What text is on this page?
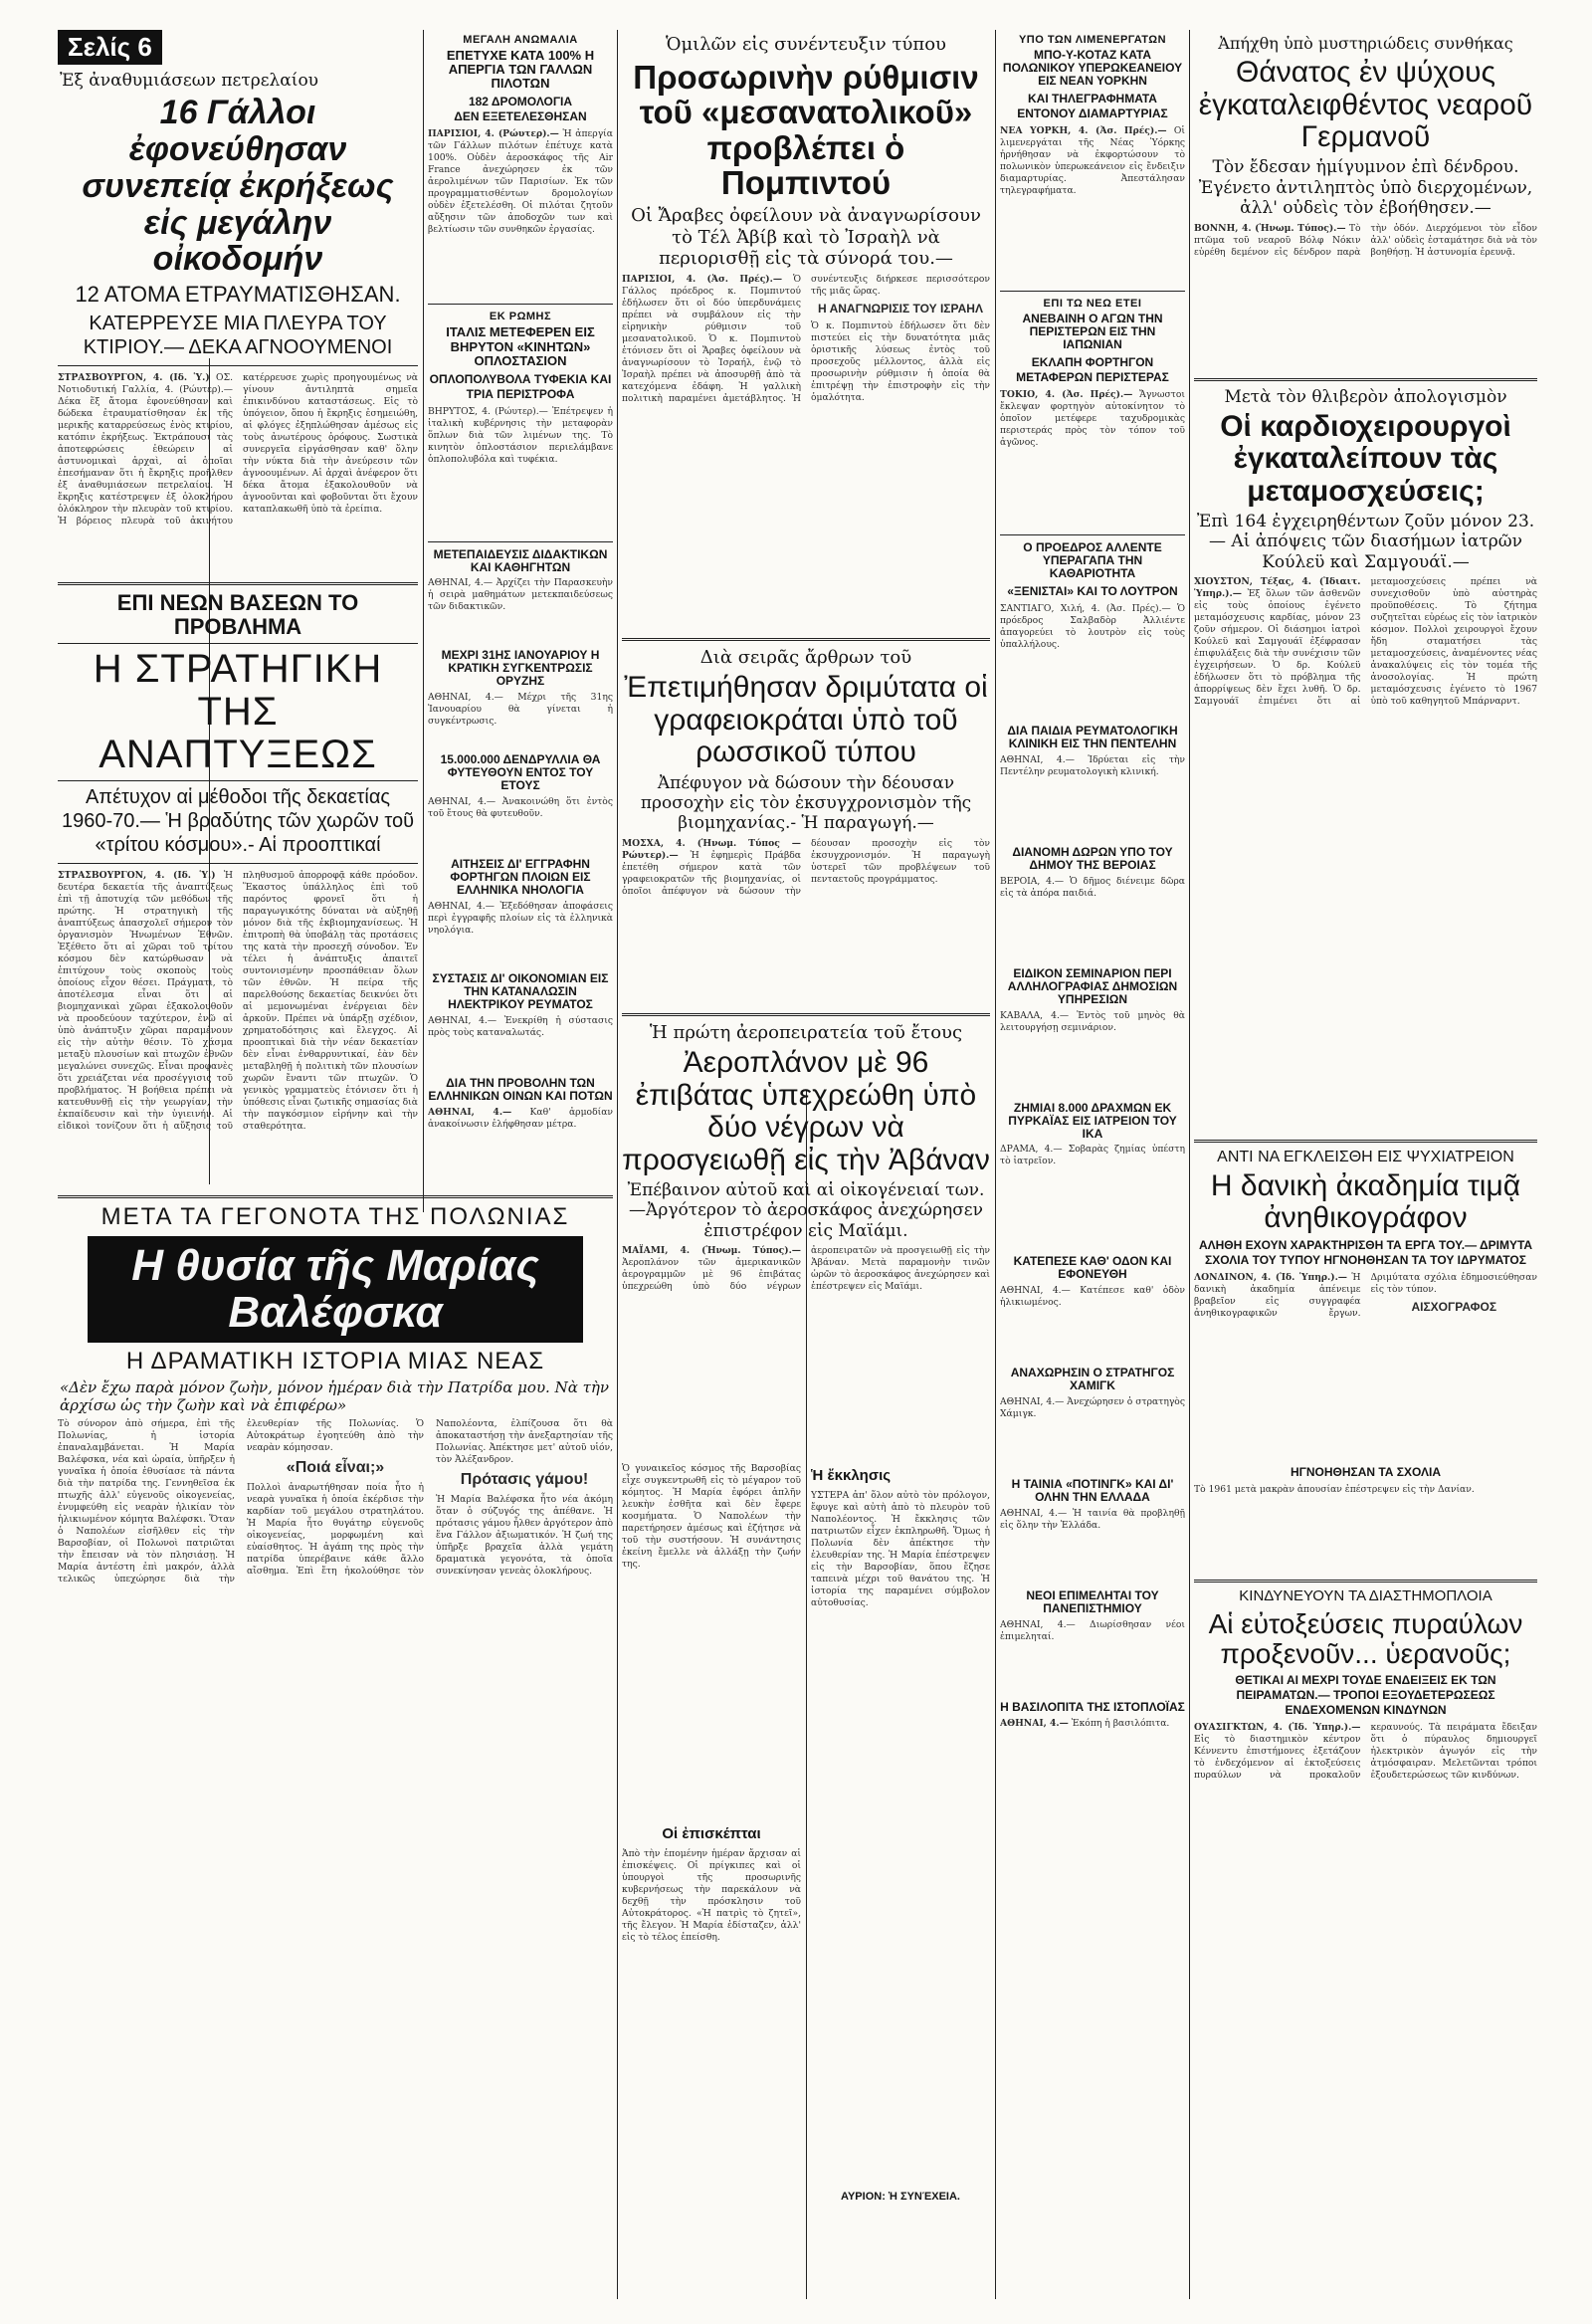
Σελίς 6
Ἐξ ἀναθυμιάσεων πετρελαίου
16 Γάλλοι ἐφονεύθησαν συνεπείᾳ ἐκρήξεως εἰς μεγάλην οἰκοδομήν
12 ΑΤΟΜΑ ΕΤΡΑΥΜΑΤΙΣΘΗΣΑΝ.
ΚΑΤΕΡΡΕΥΣΕ ΜΙΑ ΠΛΕΥΡΑ ΤΟΥ ΚΤΙΡΙΟΥ.— ΔΕΚΑ ΑΓΝΟΟΥΜΕΝΟΙ
ΣΤΡΑΣΒΟΥΡΓΟΝ, 4. (Ιδ. Ὑ.) ΟΣ. Νοτιοδυτική Γαλλία, 4. (Ρώυτερ).— Δέκα ἕξ ἄτομα ἐφονεύθησαν καὶ δώδεκα ἐτραυματίσθησαν ἐκ τῆς μερικῆς καταρρεύσεως ἑνὸς κτιρίου, κατόπιν ἐκρήξεως. Ἐκτράπουσι τὰς ἀποτεφρώσεις ἐθεώρειν αἱ ἀστυνομικαὶ ἀρχαὶ, αἱ ὁποῖαι ἐπεσήμαναν ὅτι ἡ ἔκρηξις προῆλθεν ἐξ ἀναθυμιάσεων πετρελαίου. Ἡ ἔκρηξις κατέστρεψεν ἐξ ὁλοκλήρου ὁλόκληρον τὴν πλευρὰν τοῦ κτιρίου. Ἡ βόρειος πλευρὰ τοῦ ἀκινήτου κατέρρευσε χωρὶς προηγουμένως νὰ γίνουν ἀντιληπτὰ σημεῖα ἐπικινδύνου καταστάσεως. Εἰς τὸ ὑπόγειον, ὅπου ἡ ἔκρηξις ἐσημειώθη, αἱ φλόγες ἐξηπλώθησαν ἀμέσως εἰς τοὺς ἀνωτέρους ὀρόφους. Σωστικὰ συνεργεῖα εἰργάσθησαν καθ' ὅλην τὴν νύκτα διὰ τὴν ἀνεύρεσιν τῶν ἀγνοουμένων. Αἱ ἀρχαὶ ἀνέφερον ὅτι δέκα ἄτομα ἐξακολουθοῦν νὰ ἀγνοοῦνται καὶ φοβοῦνται ὅτι ἔχουν καταπλακωθῆ ὑπὸ τὰ ἐρείπια.
ΕΠΙ ΝΕΩΝ ΒΑΣΕΩΝ ΤΟ ΠΡΟΒΛΗΜΑ
Η ΣΤΡΑΤΗΓΙΚΗ ΤΗΣ ΑΝΑΠΤΥΞΕΩΣ
Απέτυχον αἱ μέθοδοι τῆς δεκαετίας 1960-70.— Ἡ βραδύτης τῶν χωρῶν τοῦ «τρίτου κόσμου».- Αἱ προοπτικαί
ΣΤΡΑΣΒΟΥΡΓΟΝ, 4. (Ιδ. Ὑ.) Ἡ δευτέρα δεκαετία τῆς ἀναπτύξεως ἐπὶ τῇ ἀποτυχίᾳ τῶν μεθόδων τῆς πρώτης. Ἡ στρατηγικὴ τῆς ἀναπτύξεως ἀπασχολεῖ σήμερον τὸν ὀργανισμὸν Ἡνωμένων Ἐθνῶν. Ἐξέθετο ὅτι αἱ χῶραι τοῦ τρίτου κόσμου δὲν κατώρθωσαν νὰ ἐπιτύχουν τοὺς σκοποὺς τοὺς ὁποίους εἶχον θέσει. Πράγματι, τὸ ἀποτέλεσμα εἶναι ὅτι αἱ βιομηχανικαὶ χῶραι ἐξακολουθοῦν νὰ προοδεύουν ταχύτερον, ἐνῶ αἱ ὑπὸ ἀνάπτυξιν χῶραι παραμένουν εἰς τὴν αὐτὴν θέσιν. Τὸ χάσμα μεταξὺ πλουσίων καὶ πτωχῶν ἐθνῶν μεγαλώνει συνεχῶς. Εἶναι προφανὲς ὅτι χρειάζεται νέα προσέγγισις τοῦ προβλήματος. Ἡ βοήθεια πρέπει νὰ κατευθυνθῇ εἰς τὴν γεωργίαν, τὴν ἐκπαίδευσιν καὶ τὴν ὑγιεινήν. Αἱ εἰδικοὶ τονίζουν ὅτι ἡ αὔξησις τοῦ πληθυσμοῦ ἀπορροφᾷ κάθε πρόοδον. Ἕκαστος ὑπάλληλος ἐπὶ τοῦ παρόντος φρονεῖ ὅτι ἡ παραγωγικότης δύναται νὰ αὐξηθῇ μόνον διὰ τῆς ἐκβιομηχανίσεως. Ἡ ἐπιτροπὴ θὰ ὑποβάλῃ τὰς προτάσεις της κατὰ τὴν προσεχῆ σύνοδον. Ἐν τέλει ἡ ἀνάπτυξις ἀπαιτεῖ συντονισμένην προσπάθειαν ὅλων τῶν ἐθνῶν. Ἡ πείρα τῆς παρελθούσης δεκαετίας δεικνύει ὅτι αἱ μεμονωμέναι ἐνέργειαι δὲν ἀρκοῦν. Πρέπει νὰ ὑπάρξῃ σχέδιον, χρηματοδότησις καὶ ἔλεγχος. Αἱ προοπτικαὶ διὰ τὴν νέαν δεκαετίαν δὲν εἶναι ἐνθαρρυντικαί, ἐὰν δὲν μεταβληθῇ ἡ πολιτικὴ τῶν πλουσίων χωρῶν ἔναντι τῶν πτωχῶν. Ὁ γενικὸς γραμματεὺς ἐτόνισεν ὅτι ἡ ὑπόθεσις εἶναι ζωτικῆς σημασίας διὰ τὴν παγκόσμιον εἰρήνην καὶ τὴν σταθερότητα.
ΜΕΓΑΛΗ ΑΝΩΜΑΛΙΑ
ΕΠΕΤΥΧΕ ΚΑΤΑ 100% Η ΑΠΕΡΓΙΑ ΤΩΝ ΓΑΛΛΩΝ ΠΙΛΟΤΩΝ
182 ΔΡΟΜΟΛΟΓΙΑ
ΔΕΝ ΕΞΕΤΕΛΕΣΘΗΣΑΝ
ΠΑΡΙΣΙΟΙ, 4. (Ρώυτερ).— Ἡ ἀπεργία τῶν Γάλλων πιλότων ἐπέτυχε κατὰ 100%. Οὐδὲν ἀεροσκάφος τῆς Air France ἀνεχώρησεν ἐκ τῶν ἀερολιμένων τῶν Παρισίων. Ἐκ τῶν προγραμματισθέντων δρομολογίων οὐδὲν ἐξετελέσθη. Οἱ πιλόται ζητοῦν αὔξησιν τῶν ἀποδοχῶν των καὶ βελτίωσιν τῶν συνθηκῶν ἐργασίας.
ΕΚ ΡΩΜΗΣ
ΙΤΑΛΙΣ ΜΕΤΕΦΕΡΕΝ ΕΙΣ ΒΗΡΥΤΟΝ «ΚΙΝΗΤΩΝ» ΟΠΛΟΣΤΑΣΙΟΝ
ΟΠΛΟΠΟΛΥΒΟΛΑ ΤΥΦΕΚΙΑ ΚΑΙ ΤΡΙΑ ΠΕΡΙΣΤΡΟΦΑ
ΒΗΡΥΤΟΣ, 4. (Ρώυτερ).— Ἐπέτρεψεν ἡ ἰταλικὴ κυβέρνησις τὴν μεταφορὰν ὅπλων διὰ τῶν λιμένων της. Τὸ κινητὸν ὁπλοστάσιον περιελάμβανε ὁπλοπολυβόλα καὶ τυφέκια.
ΜΕΤΕΠΑΙΔΕΥΣΙΣ ΔΙΔΑΚΤΙΚΩΝ ΚΑΙ ΚΑΘΗΓΗΤΩΝ
ΑΘΗΝΑΙ, 4.— Ἀρχίζει τὴν Παρασκευὴν ἡ σειρὰ μαθημάτων μετεκπαιδεύσεως τῶν διδακτικῶν.
ΜΕΧΡΙ 31ΗΣ ΙΑΝΟΥΑΡΙΟΥ Η ΚΡΑΤΙΚΗ ΣΥΓΚΕΝΤΡΩΣΙΣ ΟΡΥΖΗΣ
ΑΘΗΝΑΙ, 4.— Μέχρι τῆς 31ης Ἰανουαρίου θὰ γίνεται ἡ συγκέντρωσις.
15.000.000 ΔΕΝΔΡΥΛΛΙΑ ΘΑ ΦΥΤΕΥΘΟΥΝ ΕΝΤΟΣ ΤΟΥ ΕΤΟΥΣ
ΑΘΗΝΑΙ, 4.— Ἀνακοινώθη ὅτι ἐντὸς τοῦ ἔτους θὰ φυτευθοῦν.
ΑΙΤΗΣΕΙΣ ΔΙ' ΕΓΓΡΑΦΗΝ ΦΟΡΤΗΓΩΝ ΠΛΟΙΩΝ ΕΙΣ ΕΛΛΗΝΙΚΑ ΝΗΟΛΟΓΙΑ
ΑΘΗΝΑΙ, 4.— Ἐξεδόθησαν ἀποφάσεις περὶ ἐγγραφῆς πλοίων εἰς τὰ ἑλληνικὰ νηολόγια.
ΣΥΣΤΑΣΙΣ ΔΙ' ΟΙΚΟΝΟΜΙΑΝ ΕΙΣ ΤΗΝ ΚΑΤΑΝΑΛΩΣΙΝ ΗΛΕΚΤΡΙΚΟΥ ΡΕΥΜΑΤΟΣ
ΑΘΗΝΑΙ, 4.— Ἐνεκρίθη ἡ σύστασις πρὸς τοὺς καταναλωτάς.
ΔΙΑ ΤΗΝ ΠΡΟΒΟΛΗΝ ΤΩΝ ΕΛΛΗΝΙΚΩΝ ΟΙΝΩΝ ΚΑΙ ΠΟΤΩΝ
ΑΘΗΝΑΙ, 4.— Καθ' ἀρμοδίαν ἀνακοίνωσιν ἐλήφθησαν μέτρα.
Ὁμιλῶν εἰς συνέντευξιν τύπου
Προσωρινὴν ρύθμισιν
τοῦ «μεσανατολικοῦ»
προβλέπει ὁ Πομπιντού
Οἱ Ἄραβες ὀφείλουν νὰ ἀναγνωρίσουν τὸ Τέλ Ἀβίβ καὶ τὸ Ἰσραὴλ νὰ περιορισθῇ εἰς τὰ σύνορά του.—
ΠΑΡΙΣΙΟΙ, 4. (Ἀσ. Πρές).— Ὁ Γάλλος πρόεδρος κ. Πομπιντού ἐδήλωσεν ὅτι οἱ δύο ὑπερδυνάμεις πρέπει νὰ συμβάλουν εἰς τὴν εἰρηνικὴν ρύθμισιν τοῦ μεσανατολικοῦ. Ὁ κ. Πομπιντοὺ ἐτόνισεν ὅτι οἱ Ἄραβες ὀφείλουν νὰ ἀναγνωρίσουν τὸ Ἰσραήλ, ἐνῷ τὸ Ἰσραὴλ πρέπει νὰ ἀποσυρθῇ ἀπὸ τὰ κατεχόμενα ἐδάφη. Ἡ γαλλικὴ πολιτικὴ παραμένει ἀμετάβλητος. Ἡ συνέντευξις διήρκεσε περισσότερον τῆς μιᾶς ὥρας.
Η ΑΝΑΓΝΩΡΙΣΙΣ ΤΟΥ ΙΣΡΑΗΛ
Ὁ κ. Πομπιντοὺ ἐδήλωσεν ὅτι δὲν πιστεύει εἰς τὴν δυνατότητα μιᾶς ὁριστικῆς λύσεως ἐντὸς τοῦ προσεχοῦς μέλλοντος, ἀλλὰ εἰς προσωρινὴν ρύθμισιν ἡ ὁποία θὰ ἐπιτρέψῃ τὴν ἐπιστροφὴν εἰς τὴν ὁμαλότητα.
Διὰ σειρᾶς ἄρθρων τοῦ
Ἐπετιμήθησαν δριμύτατα οἱ γραφειοκράται ὑπὸ τοῦ ρωσσικοῦ τύπου
Ἀπέφυγον νὰ δώσουν τὴν δέουσαν προσοχὴν εἰς τὸν ἐκσυγχρονισμὸν τῆς βιομηχανίας.- Ἡ παραγωγή.—
ΜΟΣΧΑ, 4. (Ἡνωμ. Τύπος — Ρώυτερ).— Ἡ ἐφημερὶς Πράβδα ἐπετέθη σήμερον κατὰ τῶν γραφειοκρατῶν τῆς βιομηχανίας, οἱ ὁποῖοι ἀπέφυγον νὰ δώσουν τὴν δέουσαν προσοχὴν εἰς τὸν ἐκσυγχρονισμόν. Ἡ παραγωγὴ ὑστερεῖ τῶν προβλέψεων τοῦ πενταετοῦς προγράμματος.
Ἡ πρώτη ἀεροπειρατεία τοῦ ἔτους
Ἀεροπλάνον μὲ 96 ἐπιβάτας ὑπεχρεώθη ὑπὸ δύο νέγρων νὰ προσγειωθῇ εἰς τὴν Ἀβάναν
Ἐπέβαινον αὐτοῦ καὶ αἱ οἰκογένειαί των.—Ἀργότερον τὸ ἀεροσκάφος ἀνεχώρησεν ἐπιστρέφον εἰς Μαϊάμι.
ΜΑΪΑΜΙ, 4. (Ἡνωμ. Τύπος).— Ἀεροπλάνον τῶν ἀμερικανικῶν ἀερογραμμῶν μὲ 96 ἐπιβάτας ὑπεχρεώθη ὑπὸ δύο νέγρων ἀεροπειρατῶν νὰ προσγειωθῇ εἰς τὴν Ἀβάναν. Μετὰ παραμονὴν τινῶν ὡρῶν τὸ ἀεροσκάφος ἀνεχώρησεν καὶ ἐπέστρεψεν εἰς Μαϊάμι.
ΜΕΤΑ ΤΑ ΓΕΓΟΝΟΤΑ ΤΗΣ ΠΟΛΩΝΙΑΣ
Η θυσία τῆς Μαρίας Βαλέφσκα
Η ΔΡΑΜΑΤΙΚΗ ΙΣΤΟΡΙΑ ΜΙΑΣ ΝΕΑΣ
«Δὲν ἔχω παρὰ μόνον ζωὴν, μόνον ἡμέραν διὰ τὴν Πατρίδα μου. Νὰ τὴν ἀρχίσω ὡς τὴν ζωὴν καὶ νὰ ἐπιφέρω»
Τὸ σύνορον ἀπὸ σήμερα, ἐπὶ τῆς Πολωνίας, ἡ ἱστορία ἐπαναλαμβάνεται. Ἡ Μαρία Βαλέφσκα, νέα καὶ ὡραία, ὑπῆρξεν ἡ γυναῖκα ἡ ὁποία ἐθυσίασε τὰ πάντα διὰ τὴν πατρίδα της. Γεννηθεῖσα ἐκ πτωχῆς ἀλλ' εὐγενοῦς οἰκογενείας, ἐνυμφεύθη εἰς νεαρὰν ἡλικίαν τὸν ἡλικιωμένον κόμητα Βαλέφσκι. Ὅταν ὁ Ναπολέων εἰσῆλθεν εἰς τὴν Βαρσοβίαν, οἱ Πολωνοὶ πατριῶται τὴν ἔπεισαν νὰ τὸν πλησιάσῃ. Ἡ Μαρία ἀντέστη ἐπὶ μακρόν, ἀλλὰ τελικῶς ὑπεχώρησε διὰ τὴν ἐλευθερίαν τῆς Πολωνίας. Ὁ Αὐτοκράτωρ ἐγοητεύθη ἀπὸ τὴν νεαρὰν κόμησσαν.
«Ποιά εἶναι;»
Πολλοὶ ἀναρωτήθησαν ποία ἦτο ἡ νεαρὰ γυναῖκα ἡ ὁποία ἐκέρδισε τὴν καρδίαν τοῦ μεγάλου στρατηλάτου. Ἡ Μαρία ἦτο θυγάτηρ εὐγενοῦς οἰκογενείας, μορφωμένη καὶ εὐαίσθητος. Ἡ ἀγάπη της πρὸς τὴν πατρίδα ὑπερέβαινε κάθε ἄλλο αἴσθημα. Ἐπὶ ἔτη ἠκολούθησε τὸν Ναπολέοντα, ἐλπίζουσα ὅτι θὰ ἀποκαταστήσῃ τὴν ἀνεξαρτησίαν τῆς Πολωνίας. Ἀπέκτησε μετ' αὐτοῦ υἱόν, τὸν Ἀλέξανδρον.
Πρότασις γάμου!
Ἡ Μαρία Βαλέφσκα ἦτο νέα ἀκόμη ὅταν ὁ σύζυγός της ἀπέθανε. Ἡ πρότασις γάμου ἦλθεν ἀργότερον ἀπὸ ἕνα Γάλλον ἀξιωματικόν. Ἡ ζωή της ὑπῆρξε βραχεῖα ἀλλὰ γεμάτη δραματικὰ γεγονότα, τὰ ὁποῖα συνεκίνησαν γενεὰς ὁλοκλήρους.
Ὁ γυναικεῖος κόσμος τῆς Βαρσοβίας εἶχε συγκεντρωθῆ εἰς τὸ μέγαρον τοῦ κόμητος. Ἡ Μαρία ἐφόρει ἁπλῆν λευκὴν ἐσθῆτα καὶ δὲν ἔφερε κοσμήματα. Ὁ Ναπολέων τὴν παρετήρησεν ἀμέσως καὶ ἐζήτησε νὰ τοῦ τὴν συστήσουν. Ἡ συνάντησις ἐκείνη ἔμελλε νὰ ἀλλάξῃ τὴν ζωήν της.
Οἱ ἐπισκέπται
Ἀπὸ τὴν ἑπομένην ἡμέραν ἄρχισαν αἱ ἐπισκέψεις. Οἱ πρίγκιπες καὶ οἱ ὑπουργοὶ τῆς προσωρινῆς κυβερνήσεως τὴν παρεκάλουν νὰ δεχθῇ τὴν πρόσκλησιν τοῦ Αὐτοκράτορος. «Ἡ πατρὶς τὸ ζητεῖ», τῆς ἔλεγον. Ἡ Μαρία ἐδίσταζεν, ἀλλ' εἰς τὸ τέλος ἐπείσθη.
Ἡ ἔκκλησις
ΥΣΤΕΡΑ ἀπ' ὅλον αὐτὸ τὸν πρόλογον, ἔφυγε καὶ αὐτὴ ἀπὸ τὸ πλευρὸν τοῦ Ναπολέοντος. Ἡ ἔκκλησις τῶν πατριωτῶν εἶχεν ἐκπληρωθῆ. Ὅμως ἡ Πολωνία δὲν ἀπέκτησε τὴν ἐλευθερίαν της. Ἡ Μαρία ἐπέστρεψεν εἰς τὴν Βαρσοβίαν, ὅπου ἔζησε ταπεινὰ μέχρι τοῦ θανάτου της. Ἡ ἱστορία της παραμένει σύμβολον αὐτοθυσίας.
ΑΥΡΙΟΝ: Ἡ ΣΥΝΈΧΕΙΑ.
ΥΠΟ ΤΩΝ ΛΙΜΕΝΕΡΓΑΤΩΝ
ΜΠΟ-Υ-ΚΟΤΑΖ ΚΑΤΑ ΠΟΛΩΝΙΚΟΥ ΥΠΕΡΩΚΕΑΝΕΙΟΥ ΕΙΣ ΝΕΑΝ ΥΟΡΚΗΝ
ΚΑΙ ΤΗΛΕΓΡΑΦΗΜΑΤΑ ΕΝΤΟΝΟΥ ΔΙΑΜΑΡΤΥΡΙΑΣ
ΝΕΑ ΥΟΡΚΗ, 4. (Ἀσ. Πρές).— Οἱ λιμενεργάται τῆς Νέας Ὑόρκης ἠρνήθησαν νὰ ἐκφορτώσουν τὸ πολωνικὸν ὑπερωκεάνειον εἰς ἔνδειξιν διαμαρτυρίας. Ἀπεστάλησαν τηλεγραφήματα.
ΕΠΙ ΤΩ ΝΕΩ ΕΤΕΙ
ΑΝΕΒΑΙΝΗ Ο ΑΓΩΝ ΤΗΝ ΠΕΡΙΣΤΕΡΩΝ ΕΙΣ ΤΗΝ ΙΑΠΩΝΙΑΝ
ΕΚΛΑΠΗ ΦΟΡΤΗΓΟΝ ΜΕΤΑΦΕΡΩΝ ΠΕΡΙΣΤΕΡΑΣ
ΤΟΚΙΟ, 4. (Ἀσ. Πρές).— Ἄγνωστοι ἔκλεψαν φορτηγὸν αὐτοκίνητον τὸ ὁποῖον μετέφερε ταχυδρομικὰς περιστεράς πρὸς τὸν τόπον τοῦ ἀγῶνος.
Ο ΠΡΟΕΔΡΟΣ ΑΛΛΕΝΤΕ ΥΠΕΡΑΓΑΠΑ ΤΗΝ ΚΑΘΑΡΙΟΤΗΤΑ
«ΞΕΝΙΣΤΑΙ» ΚΑΙ ΤΟ ΛΟΥΤΡΟΝ
ΣΑΝΤΙΑΓΟ, Χιλή, 4. (Ἀσ. Πρές).— Ὁ πρόεδρος Σαλβαδὸρ Ἀλλιέντε ἀπαγορεύει τὸ λουτρὸν εἰς τοὺς ὑπαλλήλους.
ΔΙΑ ΠΑΙΔΙΑ ΡΕΥΜΑΤΟΛΟΓΙΚΗ ΚΛΙΝΙΚΗ ΕΙΣ ΤΗΝ ΠΕΝΤΕΛΗΝ
ΑΘΗΝΑΙ, 4.— Ἱδρύεται εἰς τὴν Πεντέλην ρευματολογικὴ κλινική.
ΔΙΑΝΟΜΗ ΔΩΡΩΝ ΥΠΟ ΤΟΥ ΔΗΜΟΥ ΤΗΣ ΒΕΡΟΙΑΣ
ΒΕΡΟΙΑ, 4.— Ὁ δῆμος διένειμε δῶρα εἰς τὰ ἀπόρα παιδιά.
ΕΙΔΙΚΟΝ ΣΕΜΙΝΑΡΙΟΝ ΠΕΡΙ ΑΛΛΗΛΟΓΡΑΦΙΑΣ ΔΗΜΟΣΙΩΝ ΥΠΗΡΕΣΙΩΝ
ΚΑΒΑΛΑ, 4.— Ἐντὸς τοῦ μηνὸς θὰ λειτουργήσῃ σεμινάριον.
ΖΗΜΙΑΙ 8.000 ΔΡΑΧΜΩΝ ΕΚ ΠΥΡΚΑΪΑΣ ΕΙΣ ΙΑΤΡΕΙΟΝ ΤΟΥ ΙΚΑ
ΔΡΑΜΑ, 4.— Σοβαρὰς ζημίας ὑπέστη τὸ ἰατρεῖον.
ΚΑΤΕΠΕΣΕ ΚΑΘ' ΟΔΟΝ ΚΑΙ ΕΦΟΝΕΥΘΗ
ΑΘΗΝΑΙ, 4.— Κατέπεσε καθ' ὁδὸν ἡλικιωμένος.
ΑΝΑΧΩΡΗΣΙΝ Ο ΣΤΡΑΤΗΓΟΣ ΧΑΜΙΓΚ
ΑΘΗΝΑΙ, 4.— Ἀνεχώρησεν ὁ στρατηγὸς Χάμιγκ.
Η ΤΑΙΝΙΑ «ΠΟΤΙΝΓΚ» ΚΑΙ ΔΙ' ΟΛΗΝ ΤΗΝ ΕΛΛΑΔΑ
ΑΘΗΝΑΙ, 4.— Ἡ ταινία θὰ προβληθῇ εἰς ὅλην τὴν Ἑλλάδα.
ΝΕΟΙ ΕΠΙΜΕΛΗΤΑΙ ΤΟΥ ΠΑΝΕΠΙΣΤΗΜΙΟΥ
ΑΘΗΝΑΙ, 4.— Διωρίσθησαν νέοι ἐπιμεληταί.
Η ΒΑΣΙΛΟΠΙΤΑ ΤΗΣ ΙΣΤΟΠΛΟΪΑΣ
ΑΘΗΝΑΙ, 4.— Ἐκόπη ἡ βασιλόπιτα.
Ἀπήχθη ὑπὸ μυστηριώδεις συνθήκας
Θάνατος ἐν ψύχους ἐγκαταλειφθέντος νεαροῦ Γερμανοῦ
Τὸν ἔδεσαν ἡμίγυμνον ἐπὶ δένδρου. Ἐγένετο ἀντιληπτὸς ὑπὸ διερχομένων, ἀλλ' οὐδεὶς τὸν ἐβοήθησεν.—
ΒΟΝΝΗ, 4. (Ἡνωμ. Τύπος).— Τὸ πτῶμα τοῦ νεαροῦ Βόλφ Νόκιν εὑρέθη δεμένον εἰς δένδρον παρὰ τὴν ὁδόν. Διερχόμενοι τὸν εἶδον ἀλλ' οὐδεὶς ἐσταμάτησε διὰ νὰ τὸν βοηθήσῃ. Ἡ ἀστυνομία ἐρευνᾷ.
Μετὰ τὸν θλιβερὸν ἀπολογισμὸν
Οἱ καρδιοχειρουργοὶ ἐγκαταλείπουν τὰς μεταμοσχεύσεις;
Ἐπὶ 164 ἐγχειρηθέντων ζοῦν μόνον 23.— Αἱ ἀπόψεις τῶν διασήμων ἰατρῶν Κούλεϋ καὶ Σαμγουάϊ.—
ΧΙΟΥΣΤΟΝ, Τέξας, 4. (Ἰδιαιτ. Ὑπηρ.).— Ἐξ ὅλων τῶν ἀσθενῶν εἰς τοὺς ὁποίους ἐγένετο μεταμόσχευσις καρδίας, μόνον 23 ζοῦν σήμερον. Οἱ διάσημοι ἰατροὶ Κούλεϋ καὶ Σαμγουάϊ ἐξέφρασαν ἐπιφυλάξεις διὰ τὴν συνέχισιν τῶν ἐγχειρήσεων. Ὁ δρ. Κούλεϋ ἐδήλωσεν ὅτι τὸ πρόβλημα τῆς ἀπορρίψεως δὲν ἔχει λυθῆ. Ὁ δρ. Σαμγουάϊ ἐπιμένει ὅτι αἱ μεταμοσχεύσεις πρέπει νὰ συνεχισθοῦν ὑπὸ αὐστηρὰς προϋποθέσεις. Τὸ ζήτημα συζητεῖται εὐρέως εἰς τὸν ἰατρικὸν κόσμον. Πολλοὶ χειρουργοὶ ἔχουν ἤδη σταματήσει τὰς μεταμοσχεύσεις, ἀναμένοντες νέας ἀνακαλύψεις εἰς τὸν τομέα τῆς ἀνοσολογίας. Ἡ πρώτη μεταμόσχευσις ἐγένετο τὸ 1967 ὑπὸ τοῦ καθηγητοῦ Μπάρναρντ.
ΑΝΤΙ ΝΑ ΕΓΚΛΕΙΣΘΗ ΕΙΣ ΨΥΧΙΑΤΡΕΙΟΝ
Η δανικὴ ἀκαδημία τιμᾷ ἀνηθικογράφον
ΑΛΗΘΗ ΕΧΟΥΝ ΧΑΡΑΚΤΗΡΙΣΘΗ ΤΑ ΕΡΓΑ ΤΟΥ.— ΔΡΙΜΥΤΑ ΣΧΟΛΙΑ ΤΟΥ ΤΥΠΟΥ ΗΓΝΟΗΘΗΣΑΝ ΤΑ ΤΟΥ ΙΔΡΥΜΑΤΟΣ
ΛΟΝΔΙΝΟΝ, 4. (Ἰδ. Ὑπηρ.).— Ἡ δανικὴ ἀκαδημία ἀπένειμε βραβεῖον εἰς συγγραφέα ἀνηθικογραφικῶν ἔργων. Δριμύτατα σχόλια ἐδημοσιεύθησαν εἰς τὸν τύπον.
ΑΙΣΧΟΓΡΑΦΟΣ
ΗΓΝΟΗΘΗΣΑΝ ΤΑ ΣΧΟΛΙΑ
Τὸ 1961 μετὰ μακρὰν ἀπουσίαν ἐπέστρεψεν εἰς τὴν Δανίαν.
ΚΙΝΔΥΝΕΥΟΥΝ ΤΑ ΔΙΑΣΤΗΜΟΠΛΟΙΑ
Αἱ εὐτοξεύσεις πυραύλων προξενοῦν... ὑερανοῦς;
ΘΕΤΙΚΑΙ ΑΙ ΜΕΧΡΙ ΤΟΥΔΕ ΕΝΔΕΙΞΕΙΣ ΕΚ ΤΩΝ ΠΕΙΡΑΜΑΤΩΝ.— ΤΡΟΠΟΙ ΕΞΟΥΔΕΤΕΡΩΣΕΩΣ ΕΝΔΕΧΟΜΕΝΩΝ ΚΙΝΔΥΝΩΝ
ΟΥΑΣΙΓΚΤΩΝ, 4. (Ἰδ. Ὑπηρ.).— Εἰς τὸ διαστημικὸν κέντρον Κέννεντυ ἐπιστήμονες ἐξετάζουν τὸ ἐνδεχόμενον αἱ ἐκτοξεύσεις πυραύλων νὰ προκαλοῦν κεραυνούς. Τὰ πειράματα ἔδειξαν ὅτι ὁ πύραυλος δημιουργεῖ ἠλεκτρικὸν ἀγωγόν εἰς τὴν ἀτμόσφαιραν. Μελετῶνται τρόποι ἐξουδετερώσεως τῶν κινδύνων.
